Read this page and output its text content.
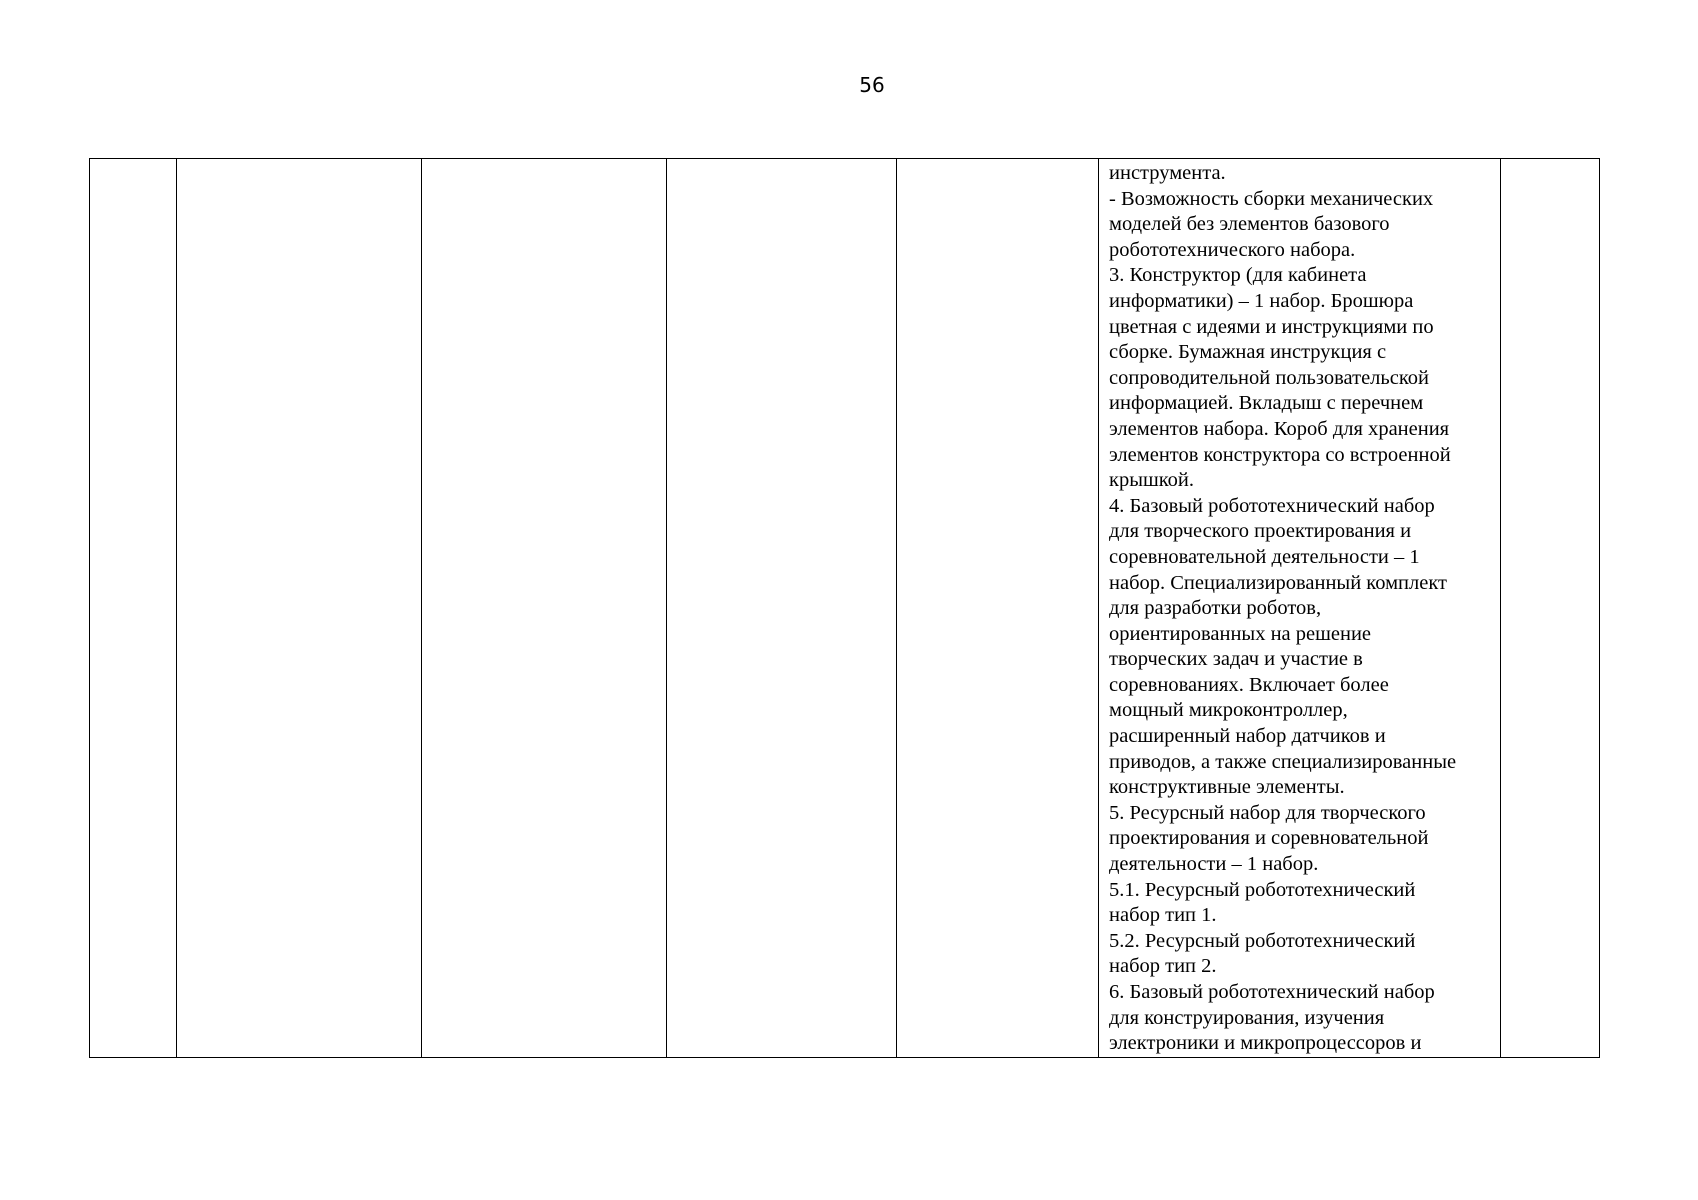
56

инструмента.

- Возможность сборки механических

моделей без элементов базового

робототехнического набора.

3. Конструктор (для кабинета

информатики) – 1 набор. Брошюра

цветная с идеями и инструкциями по

сборке. Бумажная инструкция с

сопроводительной пользовательской

информацией. Вкладыш с перечнем

элементов набора. Короб для хранения

элементов конструктора со встроенной

крышкой.

4. Базовый робототехнический набор

для творческого проектирования и

соревновательной деятельности – 1

набор. Специализированный комплект

для разработки роботов,

ориентированных на решение

творческих задач и участие в

соревнованиях. Включает более

мощный микроконтроллер,

расширенный набор датчиков и

приводов, а также специализированные

конструктивные элементы.

5. Ресурсный набор для творческого

проектирования и соревновательной

деятельности – 1 набор.

5.1. Ресурсный робототехнический

набор тип 1.

5.2. Ресурсный робототехнический

набор тип 2.

6. Базовый робототехнический набор

для конструирования, изучения

электроники и микропроцессоров и
